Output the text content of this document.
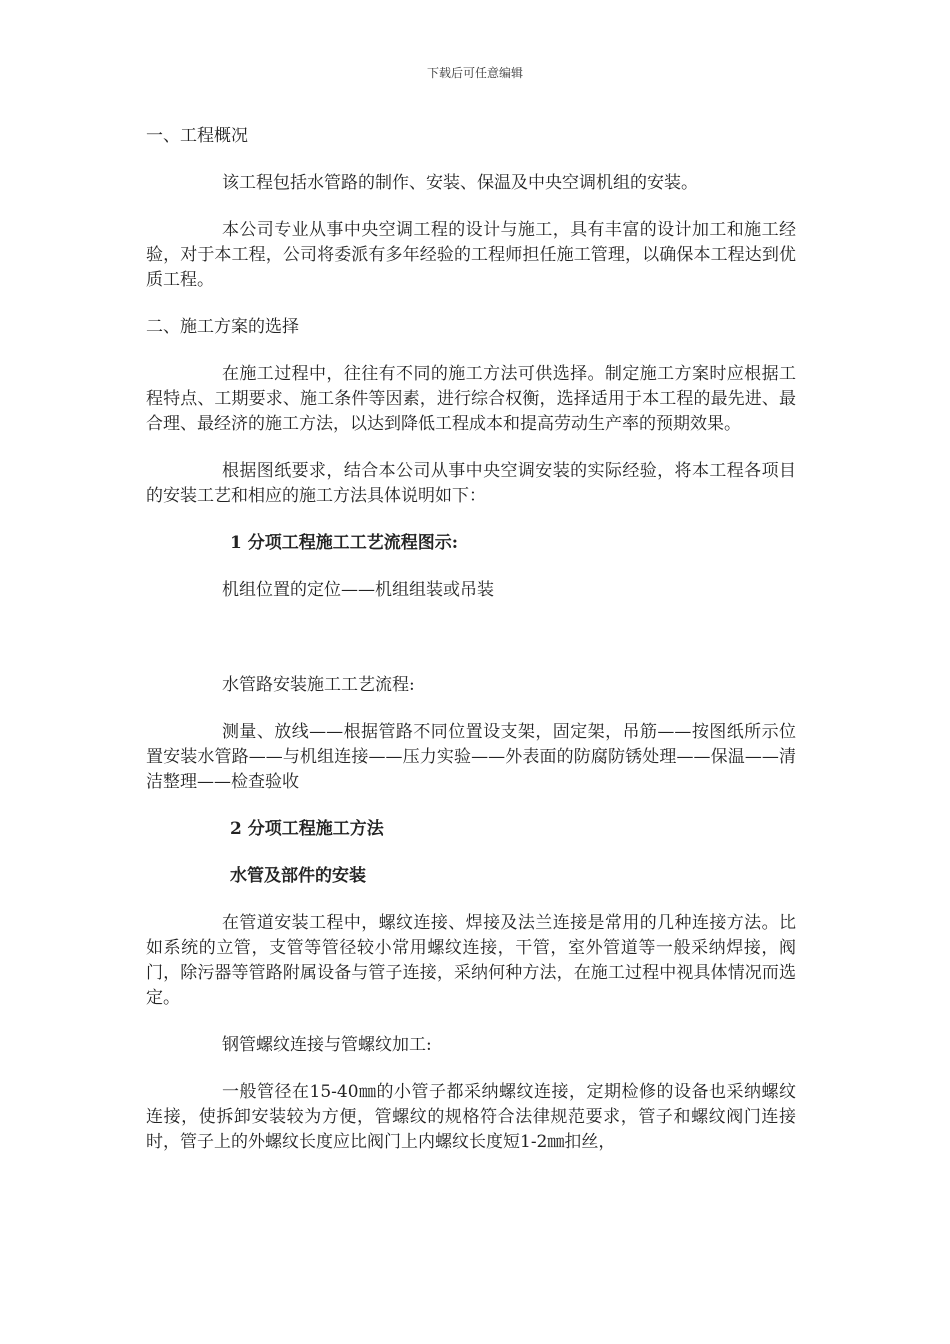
下载后可任意编辑

一、工程概况

该工程包括水管路的制作、安装、保温及中央空调机组的安装。

本公司专业从事中央空调工程的设计与施工，具有丰富的设计加工和施工经验，对于本工程，公司将委派有多年经验的工程师担任施工管理，以确保本工程达到优质工程。

二、施工方案的选择

在施工过程中，往往有不同的施工方法可供选择。制定施工方案时应根据工程特点、工期要求、施工条件等因素，进行综合权衡，选择适用于本工程的最先进、最合理、最经济的施工方法，以达到降低工程成本和提高劳动生产率的预期效果。

根据图纸要求，结合本公司从事中央空调安装的实际经验，将本工程各项目的安装工艺和相应的施工方法具体说明如下：

1 分项工程施工工艺流程图示:

机组位置的定位——机组组装或吊装

水管路安装施工工艺流程:

测量、放线——根据管路不同位置设支架，固定架，吊筋——按图纸所示位置安装水管路——与机组连接——压力实验——外表面的防腐防锈处理——保温——清洁整理——检查验收

2 分项工程施工方法

水管及部件的安装

在管道安装工程中，螺纹连接、焊接及法兰连接是常用的几种连接方法。比如系统的立管，支管等管径较小常用螺纹连接，干管，室外管道等一般采纳焊接，阀门，除污器等管路附属设备与管子连接，采纳何种方法，在施工过程中视具体情况而选定。

钢管螺纹连接与管螺纹加工:

一般管径在15-40㎜的小管子都采纳螺纹连接，定期检修的设备也采纳螺纹连接，使拆卸安装较为方便，管螺纹的规格符合法律规范要求，管子和螺纹阀门连接时，管子上的外螺纹长度应比阀门上内螺纹长度短1-2㎜扣丝，
